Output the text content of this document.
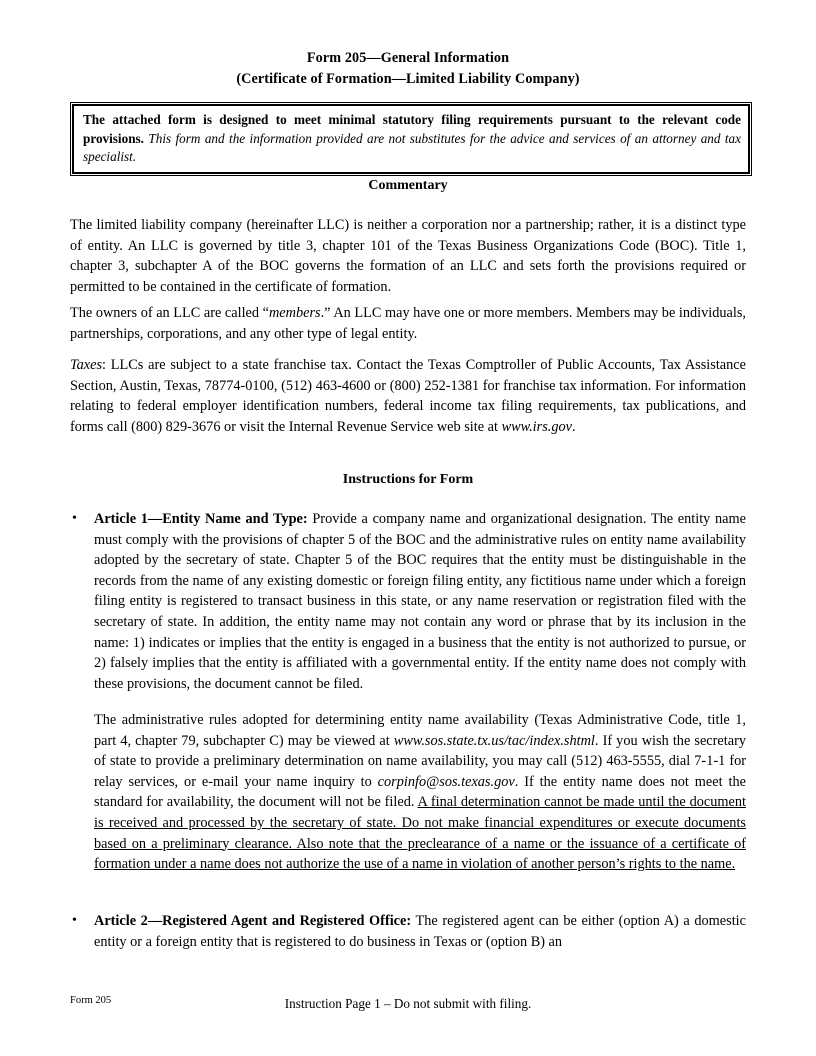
Form 205—General Information
(Certificate of Formation—Limited Liability Company)
The attached form is designed to meet minimal statutory filing requirements pursuant to the relevant code provisions. This form and the information provided are not substitutes for the advice and services of an attorney and tax specialist.
Commentary
The limited liability company (hereinafter LLC) is neither a corporation nor a partnership; rather, it is a distinct type of entity. An LLC is governed by title 3, chapter 101 of the Texas Business Organizations Code (BOC). Title 1, chapter 3, subchapter A of the BOC governs the formation of an LLC and sets forth the provisions required or permitted to be contained in the certificate of formation.
The owners of an LLC are called “members.” An LLC may have one or more members. Members may be individuals, partnerships, corporations, and any other type of legal entity.
Taxes: LLCs are subject to a state franchise tax. Contact the Texas Comptroller of Public Accounts, Tax Assistance Section, Austin, Texas, 78774-0100, (512) 463-4600 or (800) 252-1381 for franchise tax information. For information relating to federal employer identification numbers, federal income tax filing requirements, tax publications, and forms call (800) 829-3676 or visit the Internal Revenue Service web site at www.irs.gov.
Instructions for Form
•	Article 1—Entity Name and Type: Provide a company name and organizational designation. The entity name must comply with the provisions of chapter 5 of the BOC and the administrative rules on entity name availability adopted by the secretary of state. Chapter 5 of the BOC requires that the entity must be distinguishable in the records from the name of any existing domestic or foreign filing entity, any fictitious name under which a foreign filing entity is registered to transact business in this state, or any name reservation or registration filed with the secretary of state. In addition, the entity name may not contain any word or phrase that by its inclusion in the name: 1) indicates or implies that the entity is engaged in a business that the entity is not authorized to pursue, or 2) falsely implies that the entity is affiliated with a governmental entity. If the entity name does not comply with these provisions, the document cannot be filed.
The administrative rules adopted for determining entity name availability (Texas Administrative Code, title 1, part 4, chapter 79, subchapter C) may be viewed at www.sos.state.tx.us/tac/index.shtml. If you wish the secretary of state to provide a preliminary determination on name availability, you may call (512) 463-5555, dial 7-1-1 for relay services, or e-mail your name inquiry to corpinfo@sos.texas.gov. If the entity name does not meet the standard for availability, the document will not be filed. A final determination cannot be made until the document is received and processed by the secretary of state. Do not make financial expenditures or execute documents based on a preliminary clearance. Also note that the preclearance of a name or the issuance of a certificate of formation under a name does not authorize the use of a name in violation of another person’s rights to the name.
•	Article 2—Registered Agent and Registered Office: The registered agent can be either (option A) a domestic entity or a foreign entity that is registered to do business in Texas or (option B) an
Form 205	Instruction Page 1 – Do not submit with filing.
